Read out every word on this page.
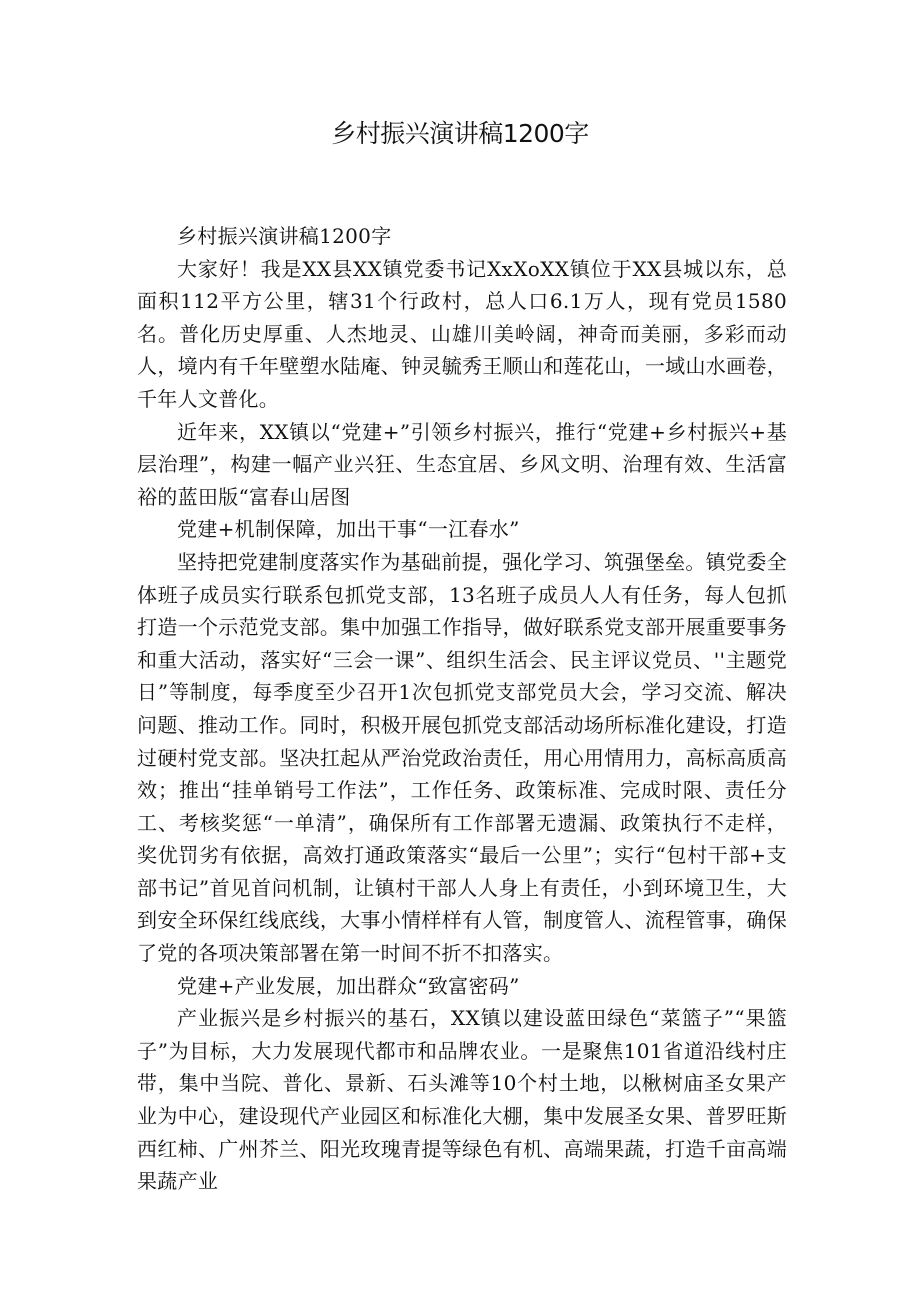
乡村振兴演讲稿1200字

乡村振兴演讲稿1200字

大家好！我是XX县XX镇党委书记XxXoXX镇位于XX县城以东，总面积112平方公里，辖31个行政村，总人口6.1万人，现有党员1580名。普化历史厚重、人杰地灵、山雄川美岭阔，神奇而美丽，多彩而动人，境内有千年壁塑水陆庵、钟灵毓秀王顺山和莲花山，一域山水画卷，千年人文普化。

近年来，XX镇以“党建+”引领乡村振兴，推行“党建+乡村振兴+基层治理”，构建一幅产业兴狂、生态宜居、乡风文明、治理有效、生活富裕的蓝田版“富春山居图

党建+机制保障，加出干事“一江春水”

坚持把党建制度落实作为基础前提，强化学习、筑强堡垒。镇党委全体班子成员实行联系包抓党支部，13名班子成员人人有任务，每人包抓打造一个示范党支部。集中加强工作指导，做好联系党支部开展重要事务和重大活动，落实好“三会一课”、组织生活会、民主评议党员、''主题党日”等制度，每季度至少召开1次包抓党支部党员大会，学习交流、解决问题、推动工作。同时，积极开展包抓党支部活动场所标准化建设，打造过硬村党支部。坚决扛起从严治党政治责任，用心用情用力，高标高质高效；推出“挂单销号工作法”，工作任务、政策标准、完成时限、责任分工、考核奖惩“一单清”，确保所有工作部署无遗漏、政策执行不走样，奖优罚劣有依据，高效打通政策落实“最后一公里”；实行“包村干部+支部书记”首见首问机制，让镇村干部人人身上有责任，小到环境卫生，大到安全环保红线底线，大事小情样样有人管，制度管人、流程管事，确保了党的各项决策部署在第一时间不折不扣落实。

党建+产业发展，加出群众“致富密码”

产业振兴是乡村振兴的基石，XX镇以建设蓝田绿色“菜篮子”“果篮子”为目标，大力发展现代都市和品牌农业。一是聚焦101省道沿线村庄带，集中当院、普化、景新、石头滩等10个村土地，以楸树庙圣女果产业为中心，建设现代产业园区和标准化大棚，集中发展圣女果、普罗旺斯西红柿、广州芥兰、阳光玫瑰青提等绿色有机、高端果蔬，打造千亩高端果蔬产业
